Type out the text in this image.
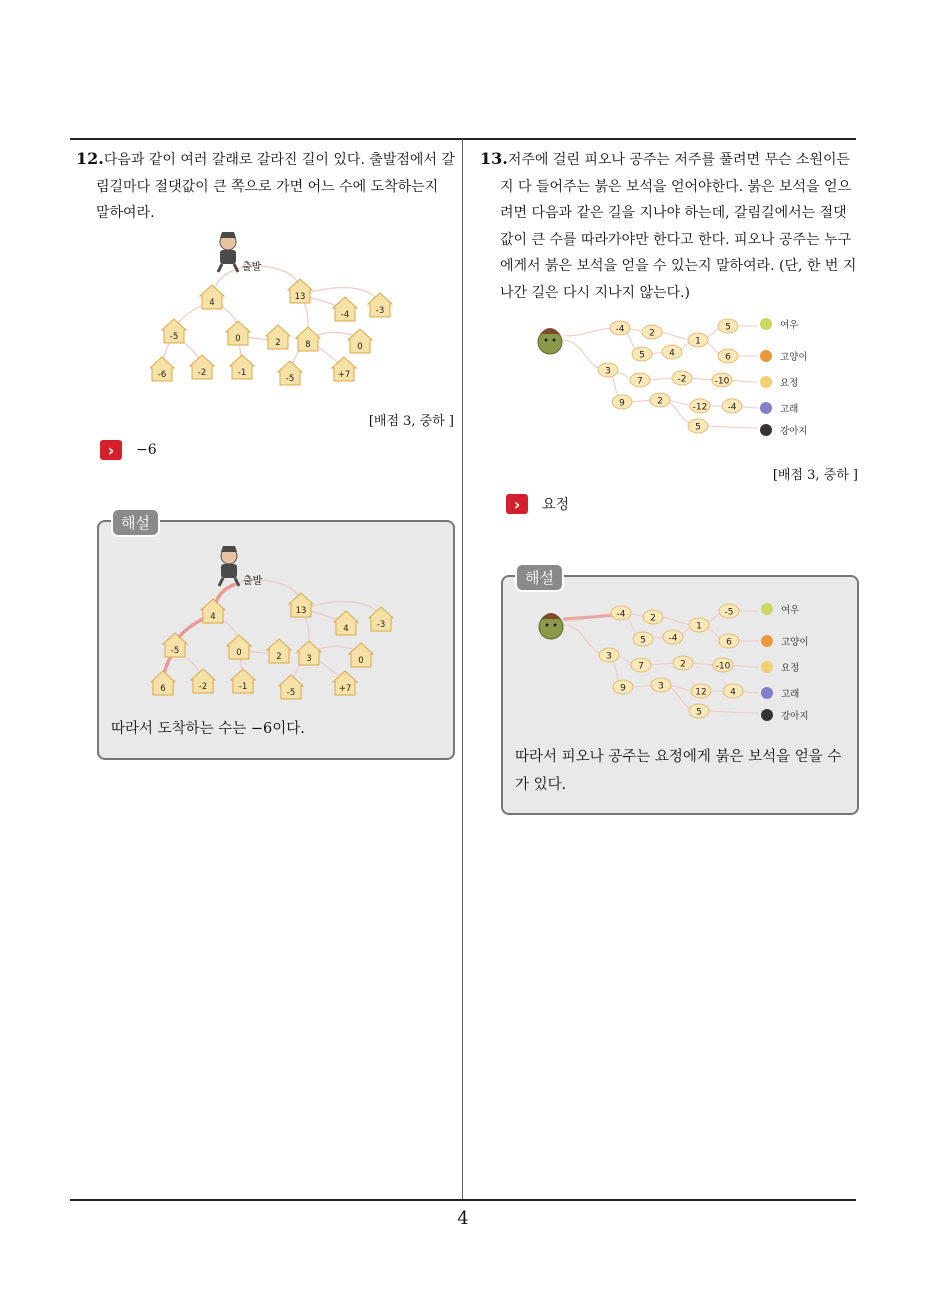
12.다음과 같이 여러 갈래로 갈라진 길이 있다. 출발점에서 갈림길마다 절댓값이 큰 쪽으로 가면 어느 수에 도착하는지 말하여라.
출발
4
13
-4	-3
-5	0	2	8	0
-6	-2	-1
-5	+7
[배점 3, 중하 ]
›	−6
해설
출발
4
13
4	-3
-5	0	2	3	0
6	-2	-1
-5	+7
따라서 도착하는 수는 −6이다.
13.저주에 걸린 피오나 공주는 저주를 풀려면 무슨 소원이든지 다 들어주는 붉은 보석을 얻어야한다. 붉은 보석을 얻으려면 다음과 같은 길을 지나야 하는데, 갈림길에서는 절댓값이 큰 수를 따라가야만 한다고 한다. 피오나 공주는 누구에게서 붉은 보석을 얻을 수 있는지 말하여라. (단, 한 번 지나간 길은 다시 지나지 않는다.)
-4	2
5	4
1
5
6
3
7	-2	-10
9	2
-12 -4
5
여우
고양이
요정
고래
강아지
[배점 3, 중하 ]
›	요정
해설
-4	2
5	-4
1
-5
6
3
7	2	-10
9	3
12	4
5
여우
고양이
요정
고래
강아지
따라서 피오나 공주는 요정에게 붉은 보석을 얻을 수가 있다.
4
